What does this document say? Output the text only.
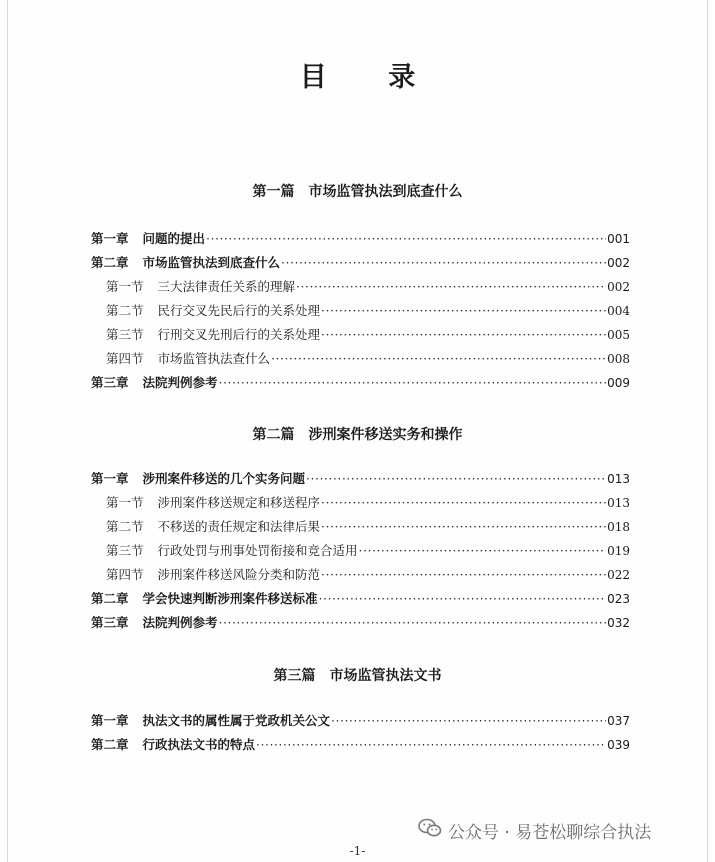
目 录
第一篇 市场监管执法到底查什么
第二篇 涉刑案件移送实务和操作
第三篇 市场监管执法文书
第一章 问题的提出 ·····	001
第二章 市场监管执法到底查什么 ·····	002
第一节 三大法律责任关系的理解 ·····	002
第二节 民行交叉先民后行的关系处理 ·····	004
第三节 行刑交叉先刑后行的关系处理 ·····	005
第四节 市场监管执法查什么 ·····	008
第三章 法院判例参考 ·····	009
第一章 涉刑案件移送的几个实务问题 ·····	013
第一节 涉刑案件移送规定和移送程序 ·····	013
第二节 不移送的责任规定和法律后果 ·····	018
第三节 行政处罚与刑事处罚衔接和竞合适用 ·····	019
第四节 涉刑案件移送风险分类和防范 ·····	022
第二章 学会快速判断涉刑案件移送标准 ·····	023
第三章 法院判例参考 ·····	032
第一章 执法文书的属性属于党政机关公文 ·····	037
第二章 行政执法文书的特点 ·····	039
公众号 · 易苍松聊综合执法
-1-
